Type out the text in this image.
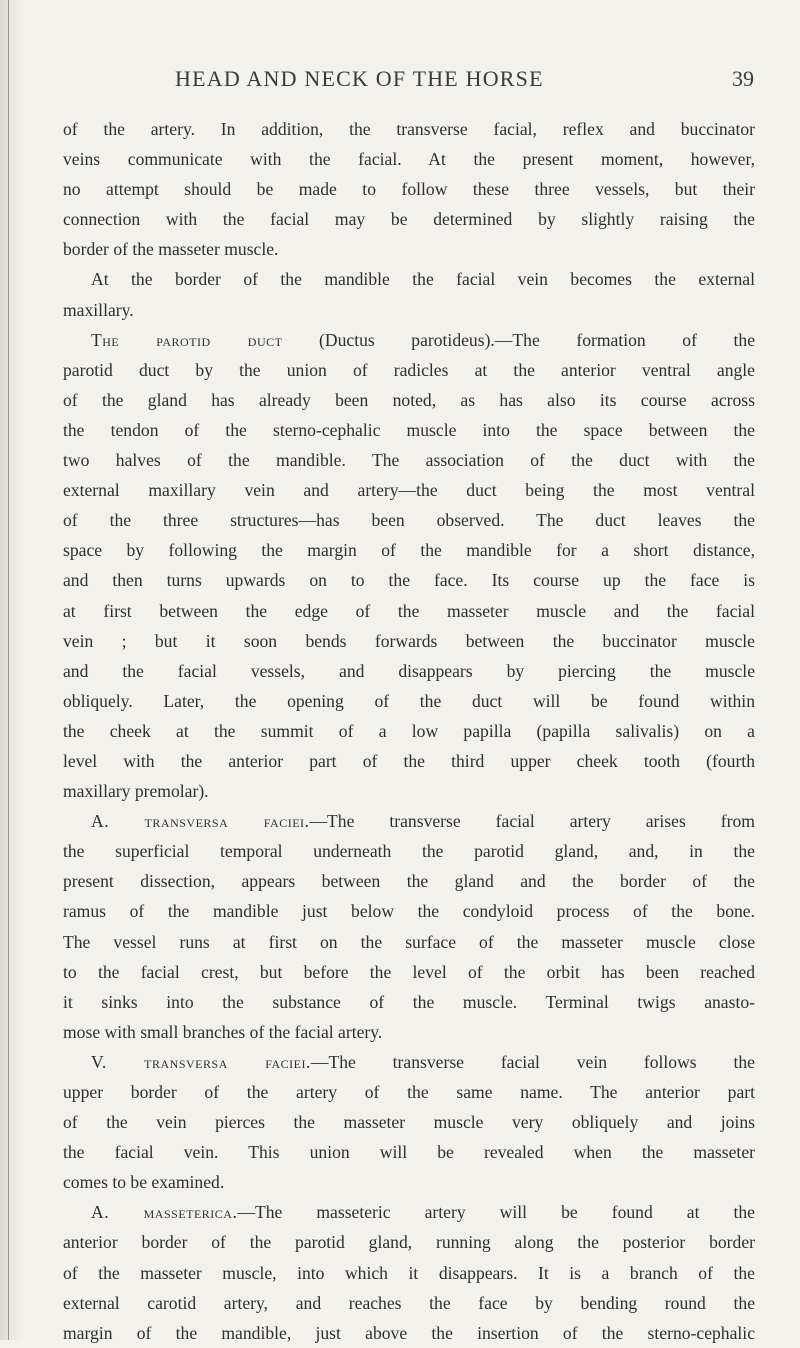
HEAD AND NECK OF THE HORSE	39

of the artery. In addition, the transverse facial, reflex and buccinator

veins communicate with the facial. At the present moment, however,

no attempt should be made to follow these three vessels, but their

connection with the facial may be determined by slightly raising the

border of the masseter muscle.

At the border of the mandible the facial vein becomes the external

maxillary.

The parotid duct (Ductus parotideus).—The formation of the

parotid duct by the union of radicles at the anterior ventral angle

of the gland has already been noted, as has also its course across

the tendon of the sterno-cephalic muscle into the space between the

two halves of the mandible. The association of the duct with the

external maxillary vein and artery—the duct being the most ventral

of the three structures—has been observed. The duct leaves the

space by following the margin of the mandible for a short distance,

and then turns upwards on to the face. Its course up the face is

at first between the edge of the masseter muscle and the facial

vein ; but it soon bends forwards between the buccinator muscle

and the facial vessels, and disappears by piercing the muscle

obliquely. Later, the opening of the duct will be found within

the cheek at the summit of a low papilla (papilla salivalis) on a

level with the anterior part of the third upper cheek tooth (fourth

maxillary premolar).

A. transversa faciei.—The transverse facial artery arises from

the superficial temporal underneath the parotid gland, and, in the

present dissection, appears between the gland and the border of the

ramus of the mandible just below the condyloid process of the bone.

The vessel runs at first on the surface of the masseter muscle close

to the facial crest, but before the level of the orbit has been reached

it sinks into the substance of the muscle. Terminal twigs anasto-

mose with small branches of the facial artery.

V. transversa faciei.—The transverse facial vein follows the

upper border of the artery of the same name. The anterior part

of the vein pierces the masseter muscle very obliquely and joins

the facial vein. This union will be revealed when the masseter

comes to be examined.

A. masseterica.—The masseteric artery will be found at the

anterior border of the parotid gland, running along the posterior border

of the masseter muscle, into which it disappears. It is a branch of the

external carotid artery, and reaches the face by bending round the

margin of the mandible, just above the insertion of the sterno-cephalic
